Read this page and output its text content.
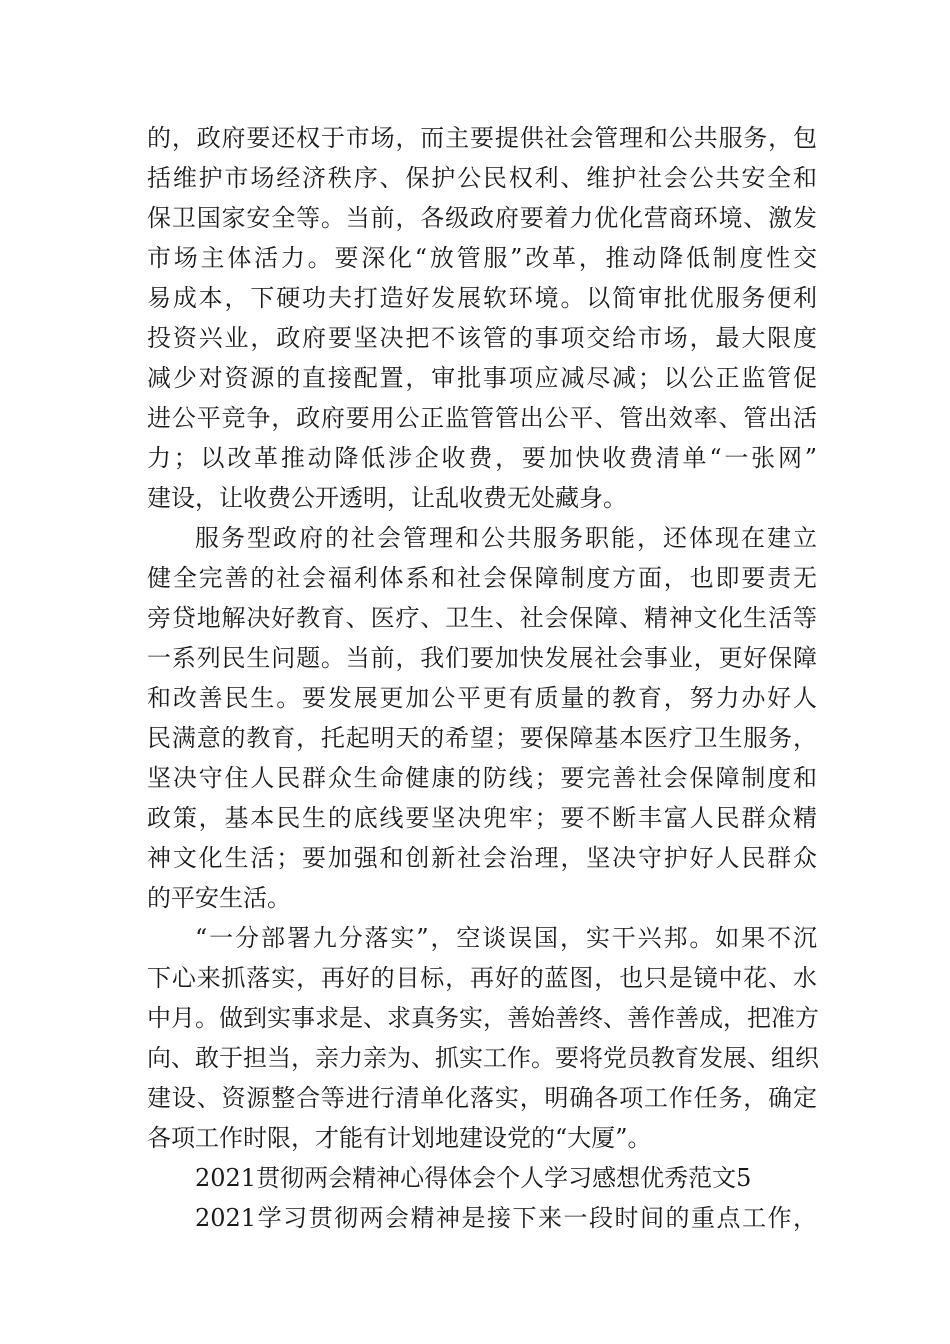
的，政府要还权于市场，而主要提供社会管理和公共服务，包
括维护市场经济秩序、保护公民权利、维护社会公共安全和
保卫国家安全等。当前，各级政府要着力优化营商环境、激发
市场主体活力。要深化“放管服”改革，推动降低制度性交
易成本，下硬功夫打造好发展软环境。以简审批优服务便利
投资兴业，政府要坚决把不该管的事项交给市场，最大限度
减少对资源的直接配置，审批事项应减尽减；以公正监管促
进公平竞争，政府要用公正监管管出公平、管出效率、管出活
力；以改革推动降低涉企收费，要加快收费清单“一张网”
建设，让收费公开透明，让乱收费无处藏身。
服务型政府的社会管理和公共服务职能，还体现在建立
健全完善的社会福利体系和社会保障制度方面，也即要责无
旁贷地解决好教育、医疗、卫生、社会保障、精神文化生活等
一系列民生问题。当前，我们要加快发展社会事业，更好保障
和改善民生。要发展更加公平更有质量的教育，努力办好人
民满意的教育，托起明天的希望；要保障基本医疗卫生服务，
坚决守住人民群众生命健康的防线；要完善社会保障制度和
政策，基本民生的底线要坚决兜牢；要不断丰富人民群众精
神文化生活；要加强和创新社会治理，坚决守护好人民群众
的平安生活。
“一分部署九分落实”，空谈误国，实干兴邦。如果不沉
下心来抓落实，再好的目标，再好的蓝图，也只是镜中花、水
中月。做到实事求是、求真务实，善始善终、善作善成，把准方
向、敢于担当，亲力亲为、抓实工作。要将党员教育发展、组织
建设、资源整合等进行清单化落实，明确各项工作任务，确定
各项工作时限，才能有计划地建设党的“大厦”。
2021贯彻两会精神心得体会个人学习感想优秀范文5
2021学习贯彻两会精神是接下来一段时间的重点工作，
